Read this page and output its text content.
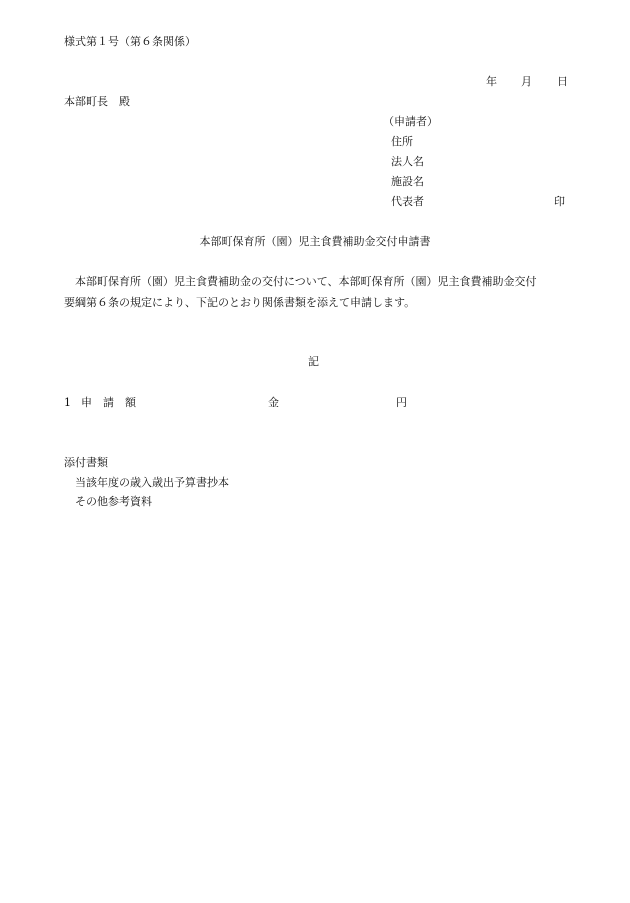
様式第１号（第６条関係）
年 月 日
本部町長　殿
（申請者）
住所
法人名
施設名
代表者	印
本部町保育所（園）児主食費補助金交付申請書
本部町保育所（園）児主食費補助金の交付について、本部町保育所（園）児主食費補助金交付
要綱第６条の規定により、下記のとおり関係書類を添えて申請します。
記
1 申　請　額	金	円
添付書類
当該年度の歳入歳出予算書抄本
その他参考資料
